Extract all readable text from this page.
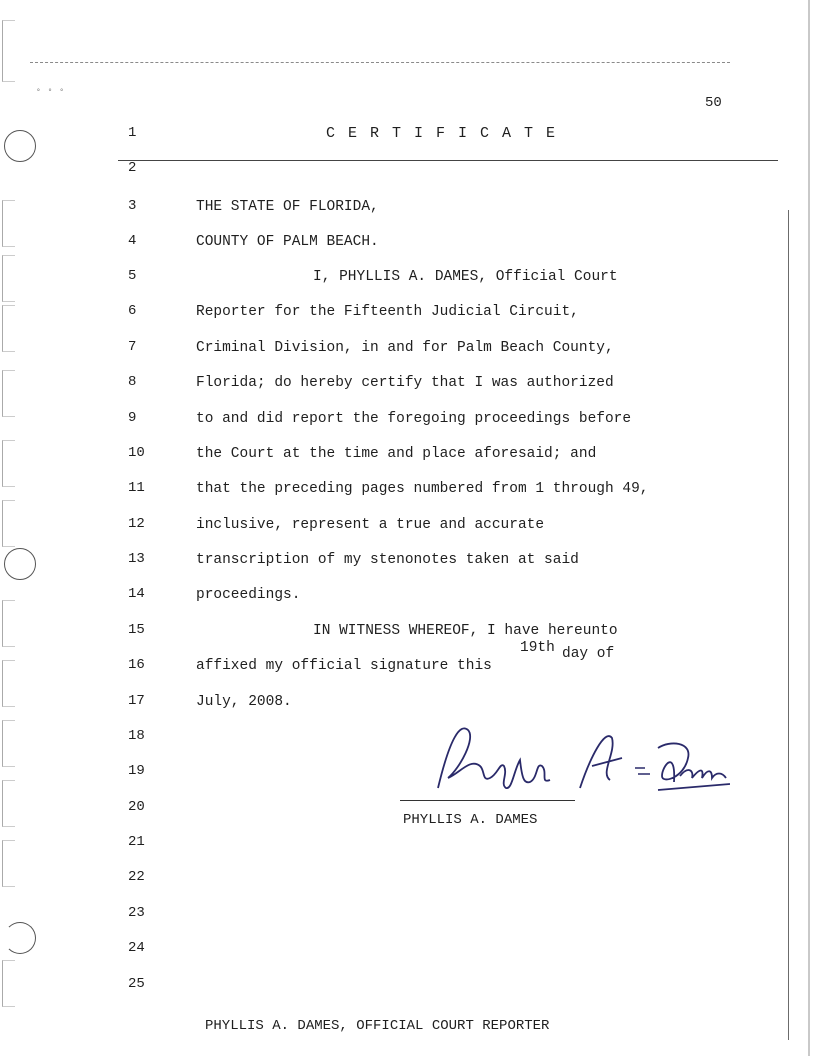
° ° °
50
C E R T I F I C A T E
1
2
3	THE STATE OF FLORIDA,
4	COUNTY OF PALM BEACH.
5	I, PHYLLIS A. DAMES, Official Court
6	Reporter for the Fifteenth Judicial Circuit,
7	Criminal Division, in and for Palm Beach County,
8	Florida; do hereby certify that I was authorized
9	to and did report the foregoing proceedings before
10	the Court at the time and place aforesaid; and
11	that the preceding pages numbered from 1 through 49,
12	inclusive, represent a true and accurate
13	transcription of my stenonotes taken at said
14	proceedings.
15	IN WITNESS WHEREOF, I have hereunto
16	affixed my official signature this
17
18
19
20
21
22
23
24
25
19th day of
July, 2008.
PHYLLIS A. DAMES
PHYLLIS A. DAMES, OFFICIAL COURT REPORTER
